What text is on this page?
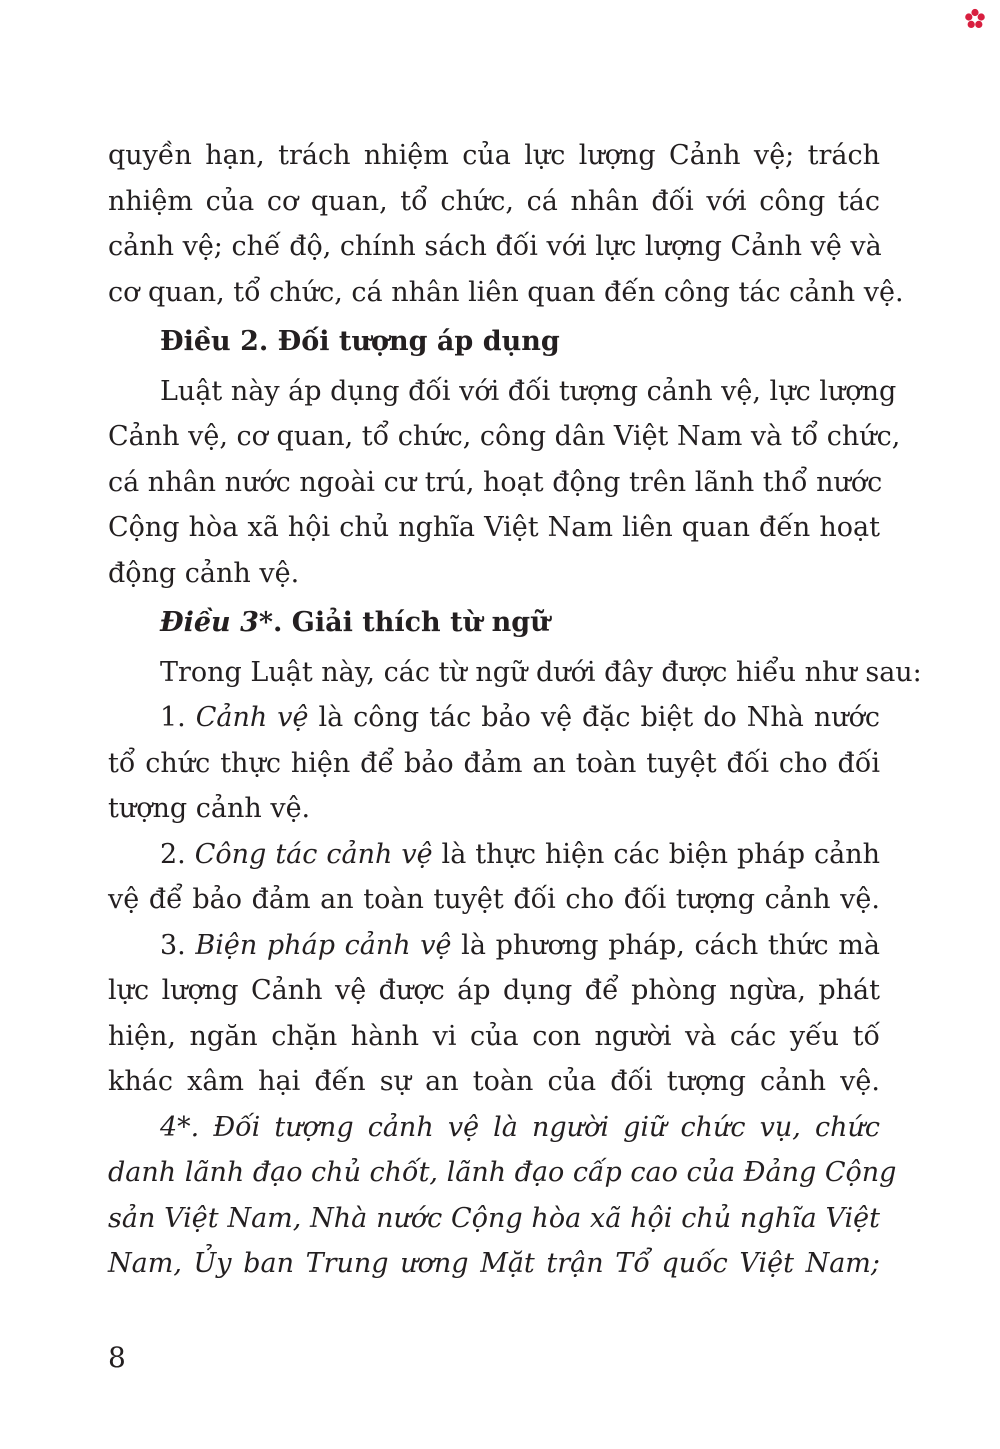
quyền hạn, trách nhiệm của lực lượng Cảnh vệ; trách
nhiệm của cơ quan, tổ chức, cá nhân đối với công tác
cảnh vệ; chế độ, chính sách đối với lực lượng Cảnh vệ và
cơ quan, tổ chức, cá nhân liên quan đến công tác cảnh vệ.
Điều 2. Đối tượng áp dụng
Luật này áp dụng đối với đối tượng cảnh vệ, lực lượng
Cảnh vệ, cơ quan, tổ chức, công dân Việt Nam và tổ chức,
cá nhân nước ngoài cư trú, hoạt động trên lãnh thổ nước
Cộng hòa xã hội chủ nghĩa Việt Nam liên quan đến hoạt
động cảnh vệ.
Điều 3*. Giải thích từ ngữ
Trong Luật này, các từ ngữ dưới đây được hiểu như sau:
1. Cảnh vệ là công tác bảo vệ đặc biệt do Nhà nước
tổ chức thực hiện để bảo đảm an toàn tuyệt đối cho đối
tượng cảnh vệ.
2. Công tác cảnh vệ là thực hiện các biện pháp cảnh
vệ để bảo đảm an toàn tuyệt đối cho đối tượng cảnh vệ.
3. Biện pháp cảnh vệ là phương pháp, cách thức mà
lực lượng Cảnh vệ được áp dụng để phòng ngừa, phát
hiện, ngăn chặn hành vi của con người và các yếu tố
khác xâm hại đến sự an toàn của đối tượng cảnh vệ.
4*. Đối tượng cảnh vệ là người giữ chức vụ, chức
danh lãnh đạo chủ chốt, lãnh đạo cấp cao của Đảng Cộng
sản Việt Nam, Nhà nước Cộng hòa xã hội chủ nghĩa Việt
Nam, Ủy ban Trung ương Mặt trận Tổ quốc Việt Nam;
8
